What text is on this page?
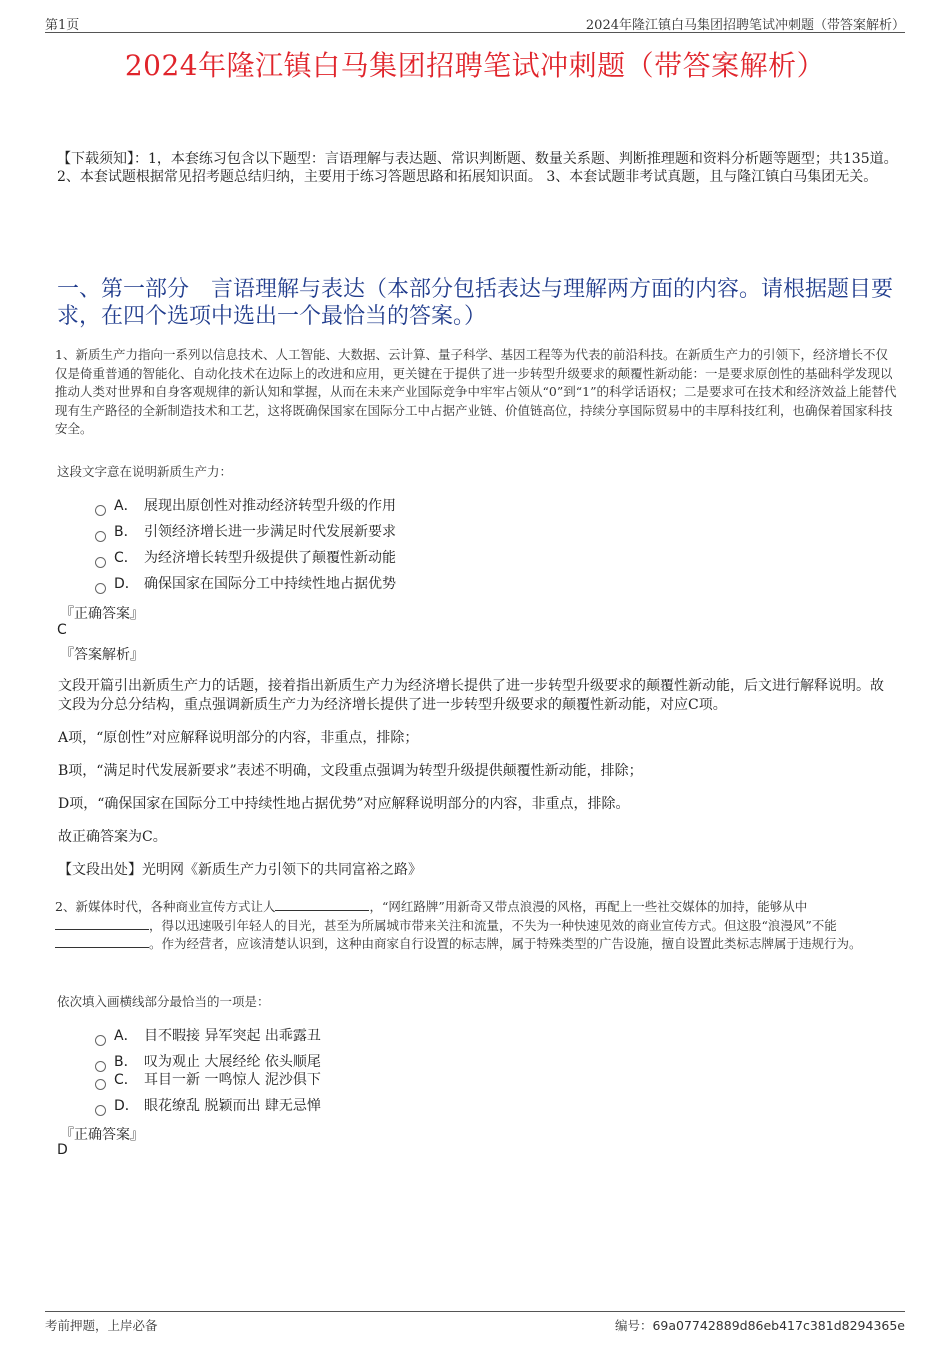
第1页	2024年隆江镇白马集团招聘笔试冲刺题（带答案解析）
2024年隆江镇白马集团招聘笔试冲刺题（带答案解析）
【下载须知】：1，本套练习包含以下题型：言语理解与表达题、常识判断题、数量关系题、判断推理题和资料分析题等题型；共135道。 2、本套试题根据常见招考题总结归纳，主要用于练习答题思路和拓展知识面。 3、本套试题非考试真题，且与隆江镇白马集团无关。
一、第一部分　言语理解与表达（本部分包括表达与理解两方面的内容。请根据题目要求，在四个选项中选出一个最恰当的答案。）
1、新质生产力指向一系列以信息技术、人工智能、大数据、云计算、量子科学、基因工程等为代表的前沿科技。在新质生产力的引领下，经济增长不仅仅是倚重普通的智能化、自动化技术在边际上的改进和应用，更关键在于提供了进一步转型升级要求的颠覆性新动能：一是要求原创性的基础科学发现以推动人类对世界和自身客观规律的新认知和掌握，从而在未来产业国际竞争中牢牢占领从“0”到“1”的科学话语权；二是要求可在技术和经济效益上能替代现有生产路径的全新制造技术和工艺，这将既确保国家在国际分工中占据产业链、价值链高位，持续分享国际贸易中的丰厚科技红利，也确保着国家科技安全。
这段文字意在说明新质生产力：
A． 展现出原创性对推动经济转型升级的作用
B． 引领经济增长进一步满足时代发展新要求
C． 为经济增长转型升级提供了颠覆性新动能
D． 确保国家在国际分工中持续性地占据优势
『正确答案』
C
『答案解析』
文段开篇引出新质生产力的话题，接着指出新质生产力为经济增长提供了进一步转型升级要求的颠覆性新动能，后文进行解释说明。故文段为分总分结构，重点强调新质生产力为经济增长提供了进一步转型升级要求的颠覆性新动能，对应C项。
A项，“原创性”对应解释说明部分的内容，非重点，排除；
B项，“满足时代发展新要求”表述不明确，文段重点强调为转型升级提供颠覆性新动能，排除；
D项，“确保国家在国际分工中持续性地占据优势”对应解释说明部分的内容，非重点，排除。
故正确答案为C。
【文段出处】光明网《新质生产力引领下的共同富裕之路》
2、新媒体时代，各种商业宣传方式让人	，“网红路牌”用新奇又带点浪漫的风格，再配上一些社交媒体的加持，能够从中，得以迅速吸引年轻人的目光，甚至为所属城市带来关注和流量，不失为一种快速见效的商业宣传方式。但这股“浪漫风”不能。作为经营者，应该清楚认识到，这种由商家自行设置的标志牌，属于特殊类型的广告设施，擅自设置此类标志牌属于违规行为。
依次填入画横线部分最恰当的一项是：
A． 目不暇接 异军突起 出乖露丑
B． 叹为观止 大展经纶 依头顺尾
C． 耳目一新 一鸣惊人 泥沙俱下
D． 眼花缭乱 脱颖而出 肆无忌惮
『正确答案』
D
考前押题，上岸必备	编号：69a07742889d86eb417c381d8294365e
